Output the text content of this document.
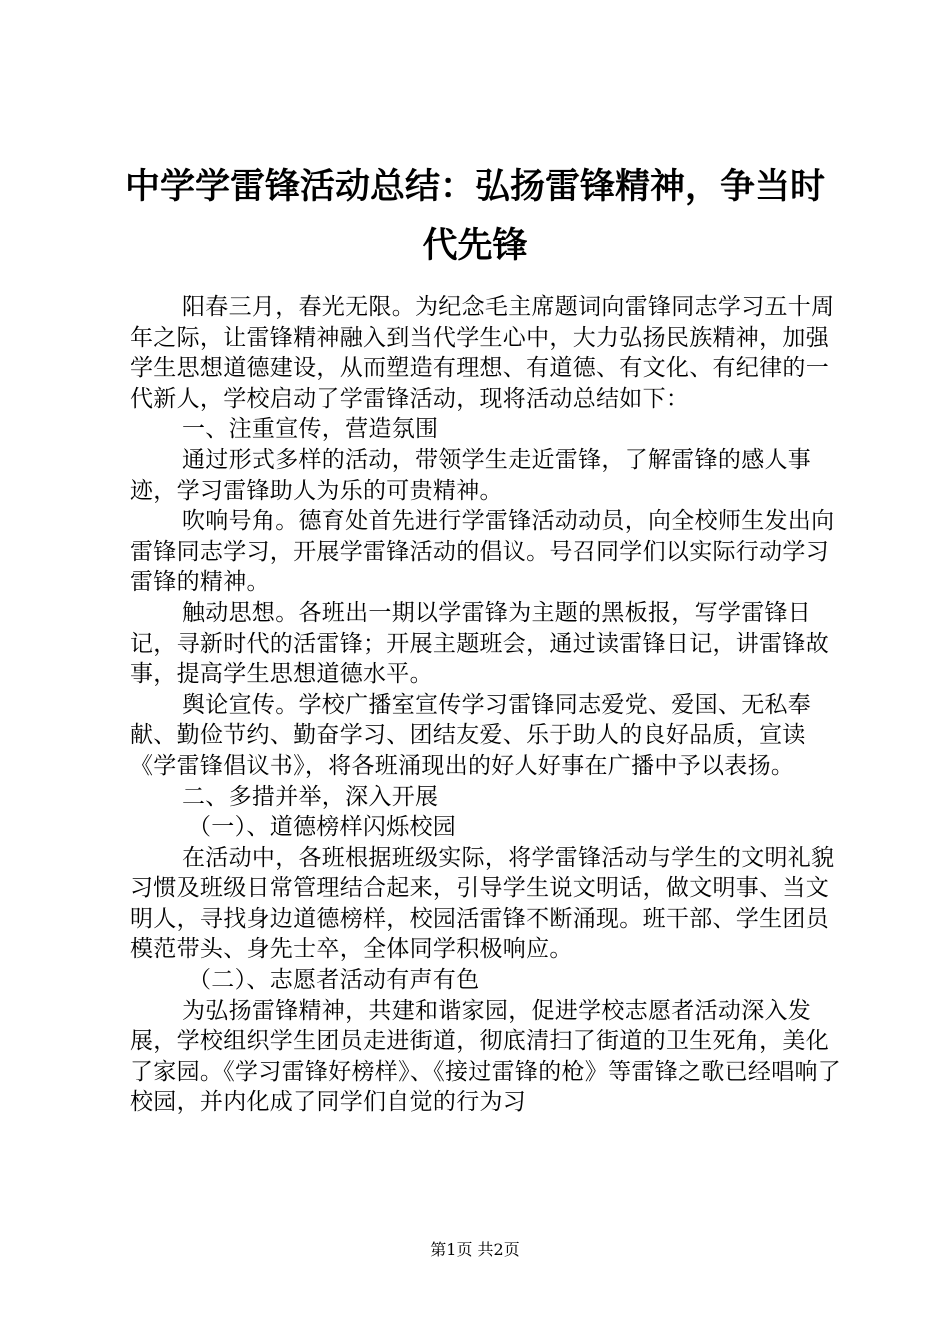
中学学雷锋活动总结：弘扬雷锋精神，争当时
代先锋

阳春三月，春光无限。为纪念毛主席题词向雷锋同志学习五十周年之际，让雷锋精神融入到当代学生心中，大力弘扬民族精神，加强学生思想道德建设，从而塑造有理想、有道德、有文化、有纪律的一代新人，学校启动了学雷锋活动，现将活动总结如下：

一、注重宣传，营造氛围

通过形式多样的活动，带领学生走近雷锋，了解雷锋的感人事迹，学习雷锋助人为乐的可贵精神。

吹响号角。德育处首先进行学雷锋活动动员，向全校师生发出向雷锋同志学习，开展学雷锋活动的倡议。号召同学们以实际行动学习雷锋的精神。

触动思想。各班出一期以学雷锋为主题的黑板报，写学雷锋日记，寻新时代的活雷锋；开展主题班会，通过读雷锋日记，讲雷锋故事，提高学生思想道德水平。

舆论宣传。学校广播室宣传学习雷锋同志爱党、爱国、无私奉献、勤俭节约、勤奋学习、团结友爱、乐于助人的良好品质，宣读《学雷锋倡议书》，将各班涌现出的好人好事在广播中予以表扬。

二、多措并举，深入开展

（一）、道德榜样闪烁校园

在活动中，各班根据班级实际，将学雷锋活动与学生的文明礼貌习惯及班级日常管理结合起来，引导学生说文明话，做文明事、当文明人，寻找身边道德榜样，校园活雷锋不断涌现。班干部、学生团员模范带头、身先士卒，全体同学积极响应。

（二）、志愿者活动有声有色

为弘扬雷锋精神，共建和谐家园，促进学校志愿者活动深入发展，学校组织学生团员走进街道，彻底清扫了街道的卫生死角，美化了家园。《学习雷锋好榜样》、《接过雷锋的枪》等雷锋之歌已经唱响了校园，并内化成了同学们自觉的行为习

第1页 共2页
